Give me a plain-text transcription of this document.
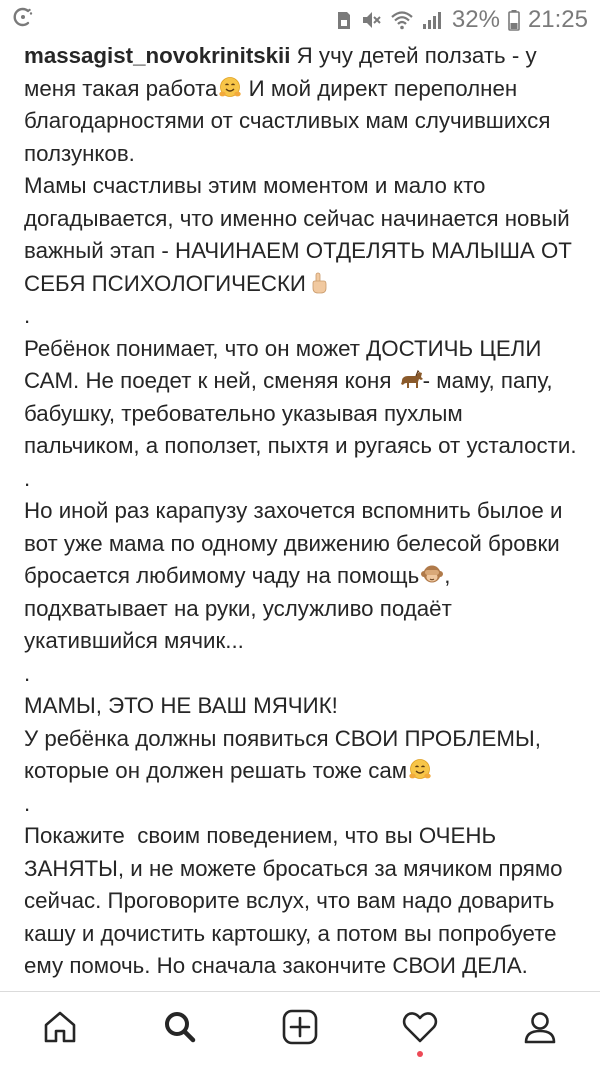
32% 21:25

massagist_novokrinitskii Я учу детей ползать - у меня такая работа И мой директ переполнен благодарностями от счастливых мам случившихся ползунков.

Мамы счастливы этим моментом и мало кто догадывается, что именно сейчас начинается новый важный этап - НАЧИНАЕМ ОТДЕЛЯТЬ МАЛЫША ОТ СЕБЯ ПСИХОЛОГИЧЕСКИ

.

Ребёнок понимает, что он может ДОСТИЧЬ ЦЕЛИ САМ. Не поедет к ней, сменяя коня - маму, папу, бабушку, требовательно указывая пухлым пальчиком, а поползет, пыхтя и ругаясь от усталости.

.

Но иной раз карапузу захочется вспомнить былое и вот уже мама по одному движению белесой бровки бросается любимому чаду на помощь , подхватывает на руки, услужливо подаёт укатившийся мячик...

.

МАМЫ, ЭТО НЕ ВАШ МЯЧИК!

У ребёнка должны появиться СВОИ ПРОБЛЕМЫ, которые он должен решать тоже сам

.

Покажите  своим поведением, что вы ОЧЕНЬ ЗАНЯТЫ, и не можете бросаться за мячиком прямо сейчас. Проговорите вслух, что вам надо доварить кашу и дочистить картошку, а потом вы попробуете ему помочь. Но сначала закончите СВОИ ДЕЛА.
